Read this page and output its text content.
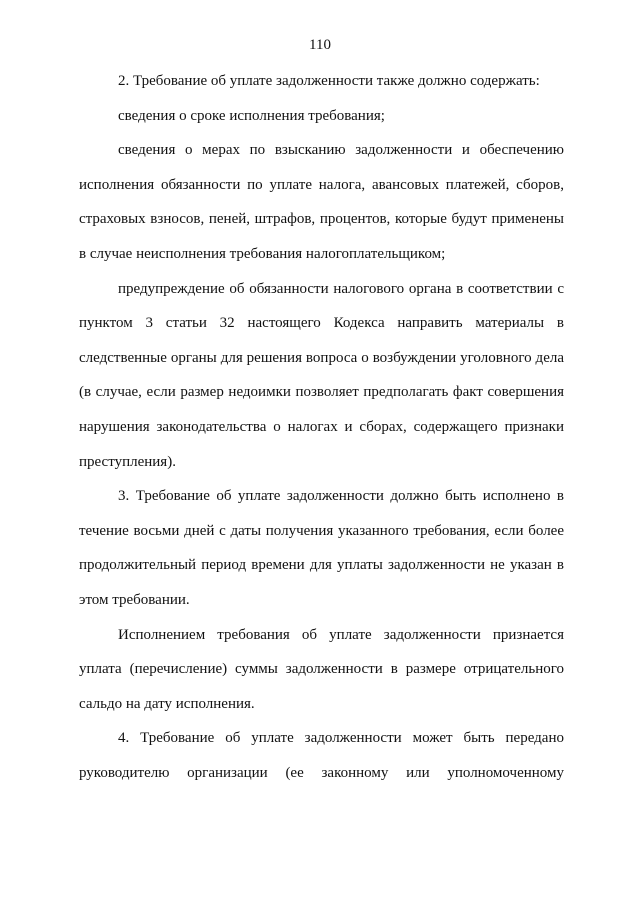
110

2. Требование об уплате задолженности также должно содержать:

сведения о сроке исполнения требования;

сведения о мерах по взысканию задолженности и обеспечению исполнения обязанности по уплате налога, авансовых платежей, сборов, страховых взносов, пеней, штрафов, процентов, которые будут применены в случае неисполнения требования налогоплательщиком;

предупреждение об обязанности налогового органа в соответствии с пунктом 3 статьи 32 настоящего Кодекса направить материалы в следственные органы для решения вопроса о возбуждении уголовного дела (в случае, если размер недоимки позволяет предполагать факт совершения нарушения законодательства о налогах и сборах, содержащего признаки преступления).

3. Требование об уплате задолженности должно быть исполнено в течение восьми дней с даты получения указанного требования, если более продолжительный период времени для уплаты задолженности не указан в этом требовании.

Исполнением требования об уплате задолженности признается уплата (перечисление) суммы задолженности в размере отрицательного сальдо на дату исполнения.

4. Требование об уплате задолженности может быть передано руководителю организации (ее законному или уполномоченному
